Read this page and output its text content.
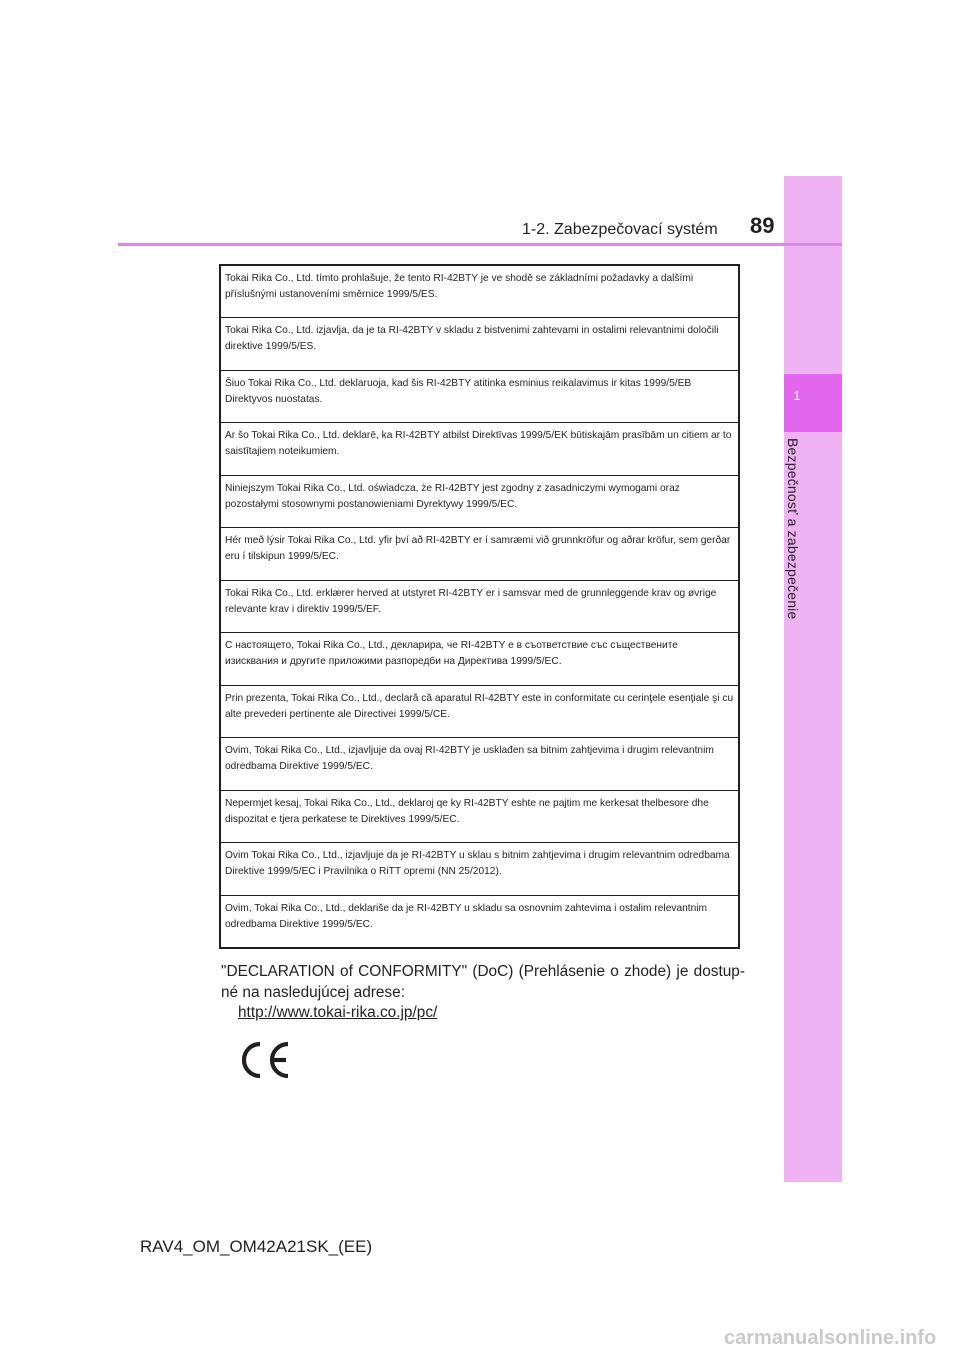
1
Bezpečnosť a zabezpečenie
1-2. Zabezpečovací systém 89
Tokai Rika Co., Ltd. tímto prohlašuje, že tento RI-42BTY je ve shodě se základními požadavky a dalšími příslušnými ustanoveními směrnice 1999/5/ES.
Tokai Rika Co., Ltd. izjavlja, da je ta RI-42BTY v skladu z bistvenimi zahtevami in ostalimi relevantnimi določili direktive 1999/5/ES.
Šiuo Tokai Rika Co., Ltd. deklaruoja, kad šis RI-42BTY atitinka esminius reikalavimus ir kitas 1999/5/EB Direktyvos nuostatas.
Ar šo Tokai Rika Co., Ltd. deklarē, ka RI-42BTY atbilst Direktīvas 1999/5/EK būtiskajām prasībām un citiem ar to saistītajiem noteikumiem.
Niniejszym Tokai Rika Co., Ltd. oświadcza, że RI-42BTY jest zgodny z zasadniczymi wymogami oraz pozostałymi stosownymi postanowieniami Dyrektywy 1999/5/EC.
Hér með lýsir Tokai Rika Co., Ltd. yfir því að RI-42BTY er í samræmi við grunnkröfur og aðrar kröfur, sem gerðar eru í tilskipun 1999/5/EC.
Tokai Rika Co., Ltd. erklærer herved at utstyret RI-42BTY er i samsvar med de grunnleggende krav og øvrige relevante krav i direktiv 1999/5/EF.
С настоящето, Tokai Rika Co., Ltd., декларира, че RI-42BTY е в съответствие със съществените изисквания и другите приложими разпоредби на Директива 1999/5/EC.
Prin prezenta, Tokai Rika Co., Ltd., declară că aparatul RI-42BTY este in conformitate cu cerinţele esenţiale şi cu alte prevederi pertinente ale Directivei 1999/5/CE.
Ovim, Tokai Rika Co., Ltd., izjavljuje da ovaj RI-42BTY je usklađen sa bitnim zahtjevima i drugim relevantnim odredbama Direktive 1999/5/EC.
Nepermjet kesaj, Tokai Rika Co., Ltd., deklaroj qe ky RI-42BTY eshte ne pajtim me kerkesat thelbesore dhe dispozitat e tjera perkatese te Direktives 1999/5/EC.
Ovim Tokai Rika Co., Ltd., izjavljuje da je RI-42BTY u sklau s bitnim zahtjevima i drugim relevantnim odredbama Direktive 1999/5/EC i Pravilnika o RiTT opremi (NN 25/2012).
Ovim, Tokai Rika Co., Ltd., deklariše da je RI-42BTY u skladu sa osnovnim zahtevima i ostalim relevantnim odredbama Direktive 1999/5/EC.
"DECLARATION of CONFORMITY" (DoC) (Prehlásenie o zhode) je dostup-né na nasledujúcej adrese:
http://www.tokai-rika.co.jp/pc/
RAV4_OM_OM42A21SK_(EE)
carmanualsonline.info
